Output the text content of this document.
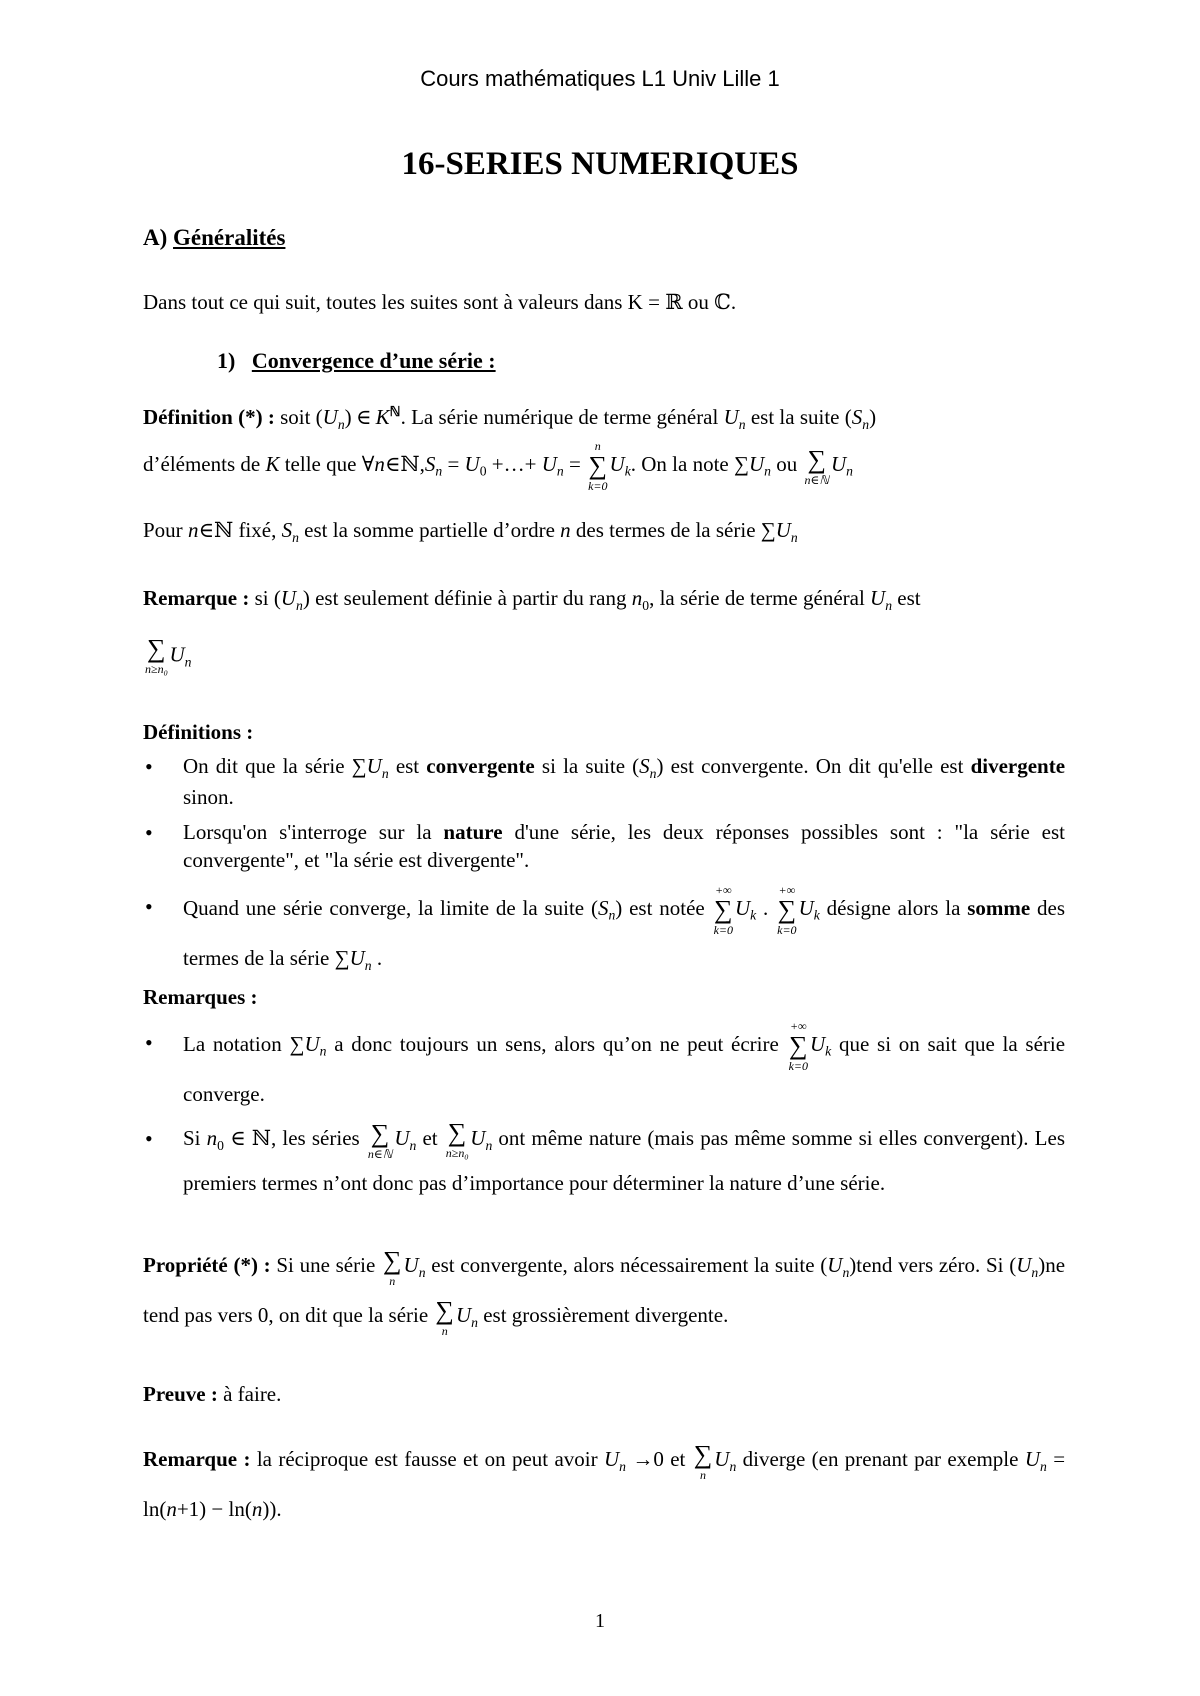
Cours mathématiques L1 Univ Lille 1
16-SERIES NUMERIQUES
A) Généralités
Dans tout ce qui suit, toutes les suites sont à valeurs dans K = ℝ ou ℂ.
1) Convergence d’une série :
Définition (*) : soit $(U_n)$ ∈ $K^ℕ$. La série numérique de terme général $U_n$ est la suite $(S_n)$
d’éléments de K telle que $\forall n\in ℕ,S_n = U_0$ +…+ $U_n$ =
n
∑
k=0
$U_k$. On la note $\sum U_n$ ou ∑
n∈ℕ
$U_n$
Pour n∈ℕ fixé, $S_n$ est la somme partielle d’ordre n des termes de la série $\sum U_n$
Remarque : si $(U_n)$ est seulement définie à partir du rang $n_0$, la série de terme général $U_n$ est
∑
$n\ge n_0$
$U_n$
Définitions :
• On dit que la série $\sum U_n$ est convergente si la suite $(S_n)$ est convergente. On dit qu'elle est divergente sinon.
• Lorsqu'on s'interroge sur la nature d'une série, les deux réponses possibles sont : "la série est convergente", et "la série est divergente".
• Quand une série converge, la limite de la suite $(S_n)$ est notée
+∞
∑
k=0
$U_k$ .
+∞
∑
k=0
$U_k$ désigne alors la somme des termes de la série $\sum U_n$ .
Remarques :
• La notation $\sum U_n$ a donc toujours un sens, alors qu’on ne peut écrire
+∞
∑
k=0
$U_k$ que si on sait que la série converge.
• Si $n_0$ ∈ ℕ, les séries ∑
n∈ℕ
$U_n$ et ∑
$n\ge n_0$
$U_n$ ont même nature (mais pas même somme si elles convergent). Les premiers termes n’ont donc pas d’importance pour déterminer la nature d’une série.
Propriété (*) : Si une série ∑
n
$U_n$ est convergente, alors nécessairement la suite $(U_n)tend$ vers zéro. Si $(U_n)ne$ tend pas vers 0, on dit que la série ∑
n
$U_n$ est grossièrement divergente.
Preuve : à faire.
Remarque : la réciproque est fausse et on peut avoir $U_n \to 0$ et ∑
n
$U_n$ diverge (en prenant par exemple $U_n = \ln(n+1) - \ln(n)$).
1
